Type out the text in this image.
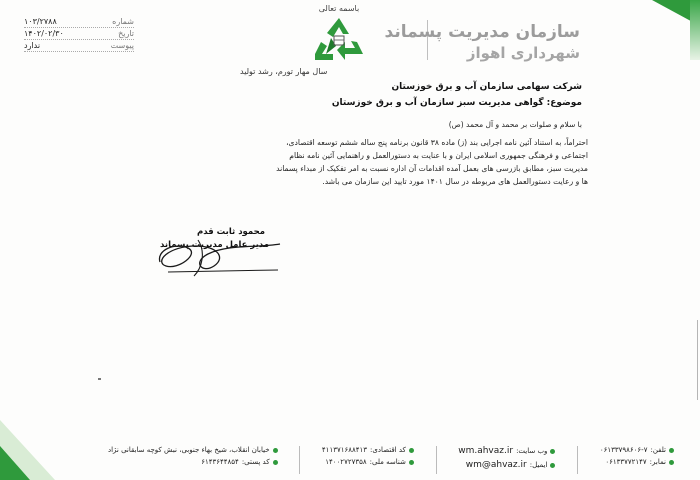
شماره
۱۰۳/۲۷۸۸
تاریخ
۱۴۰۲/۰۲/۳۰
پیوست
ندارد
باسمه تعالی
سازمان مدیریت پسماند
شهرداری اهواز
سال مهار تورم، رشد تولید
شرکت سهامی سازمان آب و برق خوزستان
موضوع: گواهی مدیریت سبز سازمان آب و برق خوزستان
با سلام و صلوات بر محمد و آل محمد (ص)

احتراماً، به استناد آئین نامه اجرایی بند (ز) ماده ۳۸ قانون برنامه پنج ساله ششم توسعه اقتصادی،

اجتماعی و فرهنگی جمهوری اسلامی ایران و با عنایت به دستورالعمل و راهنمایی آئین نامه نظام

مدیریت سبز، مطابق بازرسی های بعمل آمده اقدامات آن اداره نسبت به امر تفکیک از مبداء پسماند

ها و رعایت دستورالعمل های مربوطه در سال ۱۴۰۱ مورد تایید این سازمان می باشد.

محمود ثابت قدم
مدیر عامل مدیریت پسماند
تلفن:
۰۶۱۳۳۷۹۸۶۰۶-۷
نمابر:
۰۶۱۳۳۷۷۲۱۴۷
وب سایت:
wm.ahvaz.ir
ایمیل:
wm@ahvaz.ir
کد اقتصادی:
۴۱۱۳۷۱۶۸۸۴۱۳
شناسه ملی:
۱۴۰۰۲۷۲۷۳۵۸
خیابان انقلاب، شیخ بهاء جنوبی، نبش کوچه سابقانی نژاد
کد پستی:
۶۱۴۳۶۴۴۸۵۴
